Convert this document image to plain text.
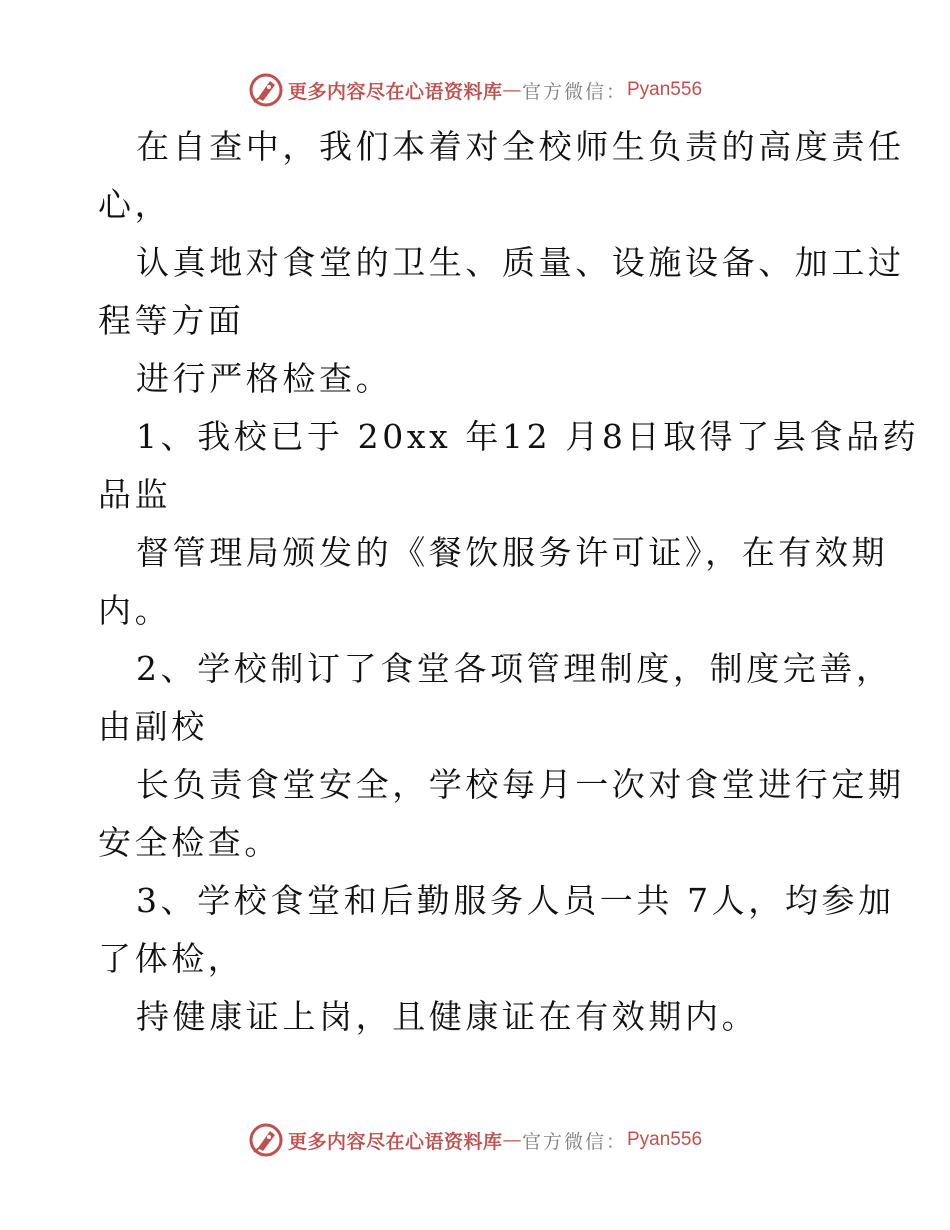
更多内容尽在心语资料库 — 官方微信： Pyan556
在自查中，我们本着对全校师生负责的高度责任
心，
认真地对食堂的卫生、质量、设施设备、加工过
程等方面
进行严格检查。
1、我校已于 20xx 年12 月8日取得了县食品药
品监
督管理局颁发的《餐饮服务许可证》，在有效期
内。
2、学校制订了食堂各项管理制度，制度完善，
由副校
长负责食堂安全，学校每月一次对食堂进行定期
安全检查。
3、学校食堂和后勤服务人员一共 7人，均参加
了体检，
持健康证上岗，且健康证在有效期内。
更多内容尽在心语资料库 — 官方微信： Pyan556
